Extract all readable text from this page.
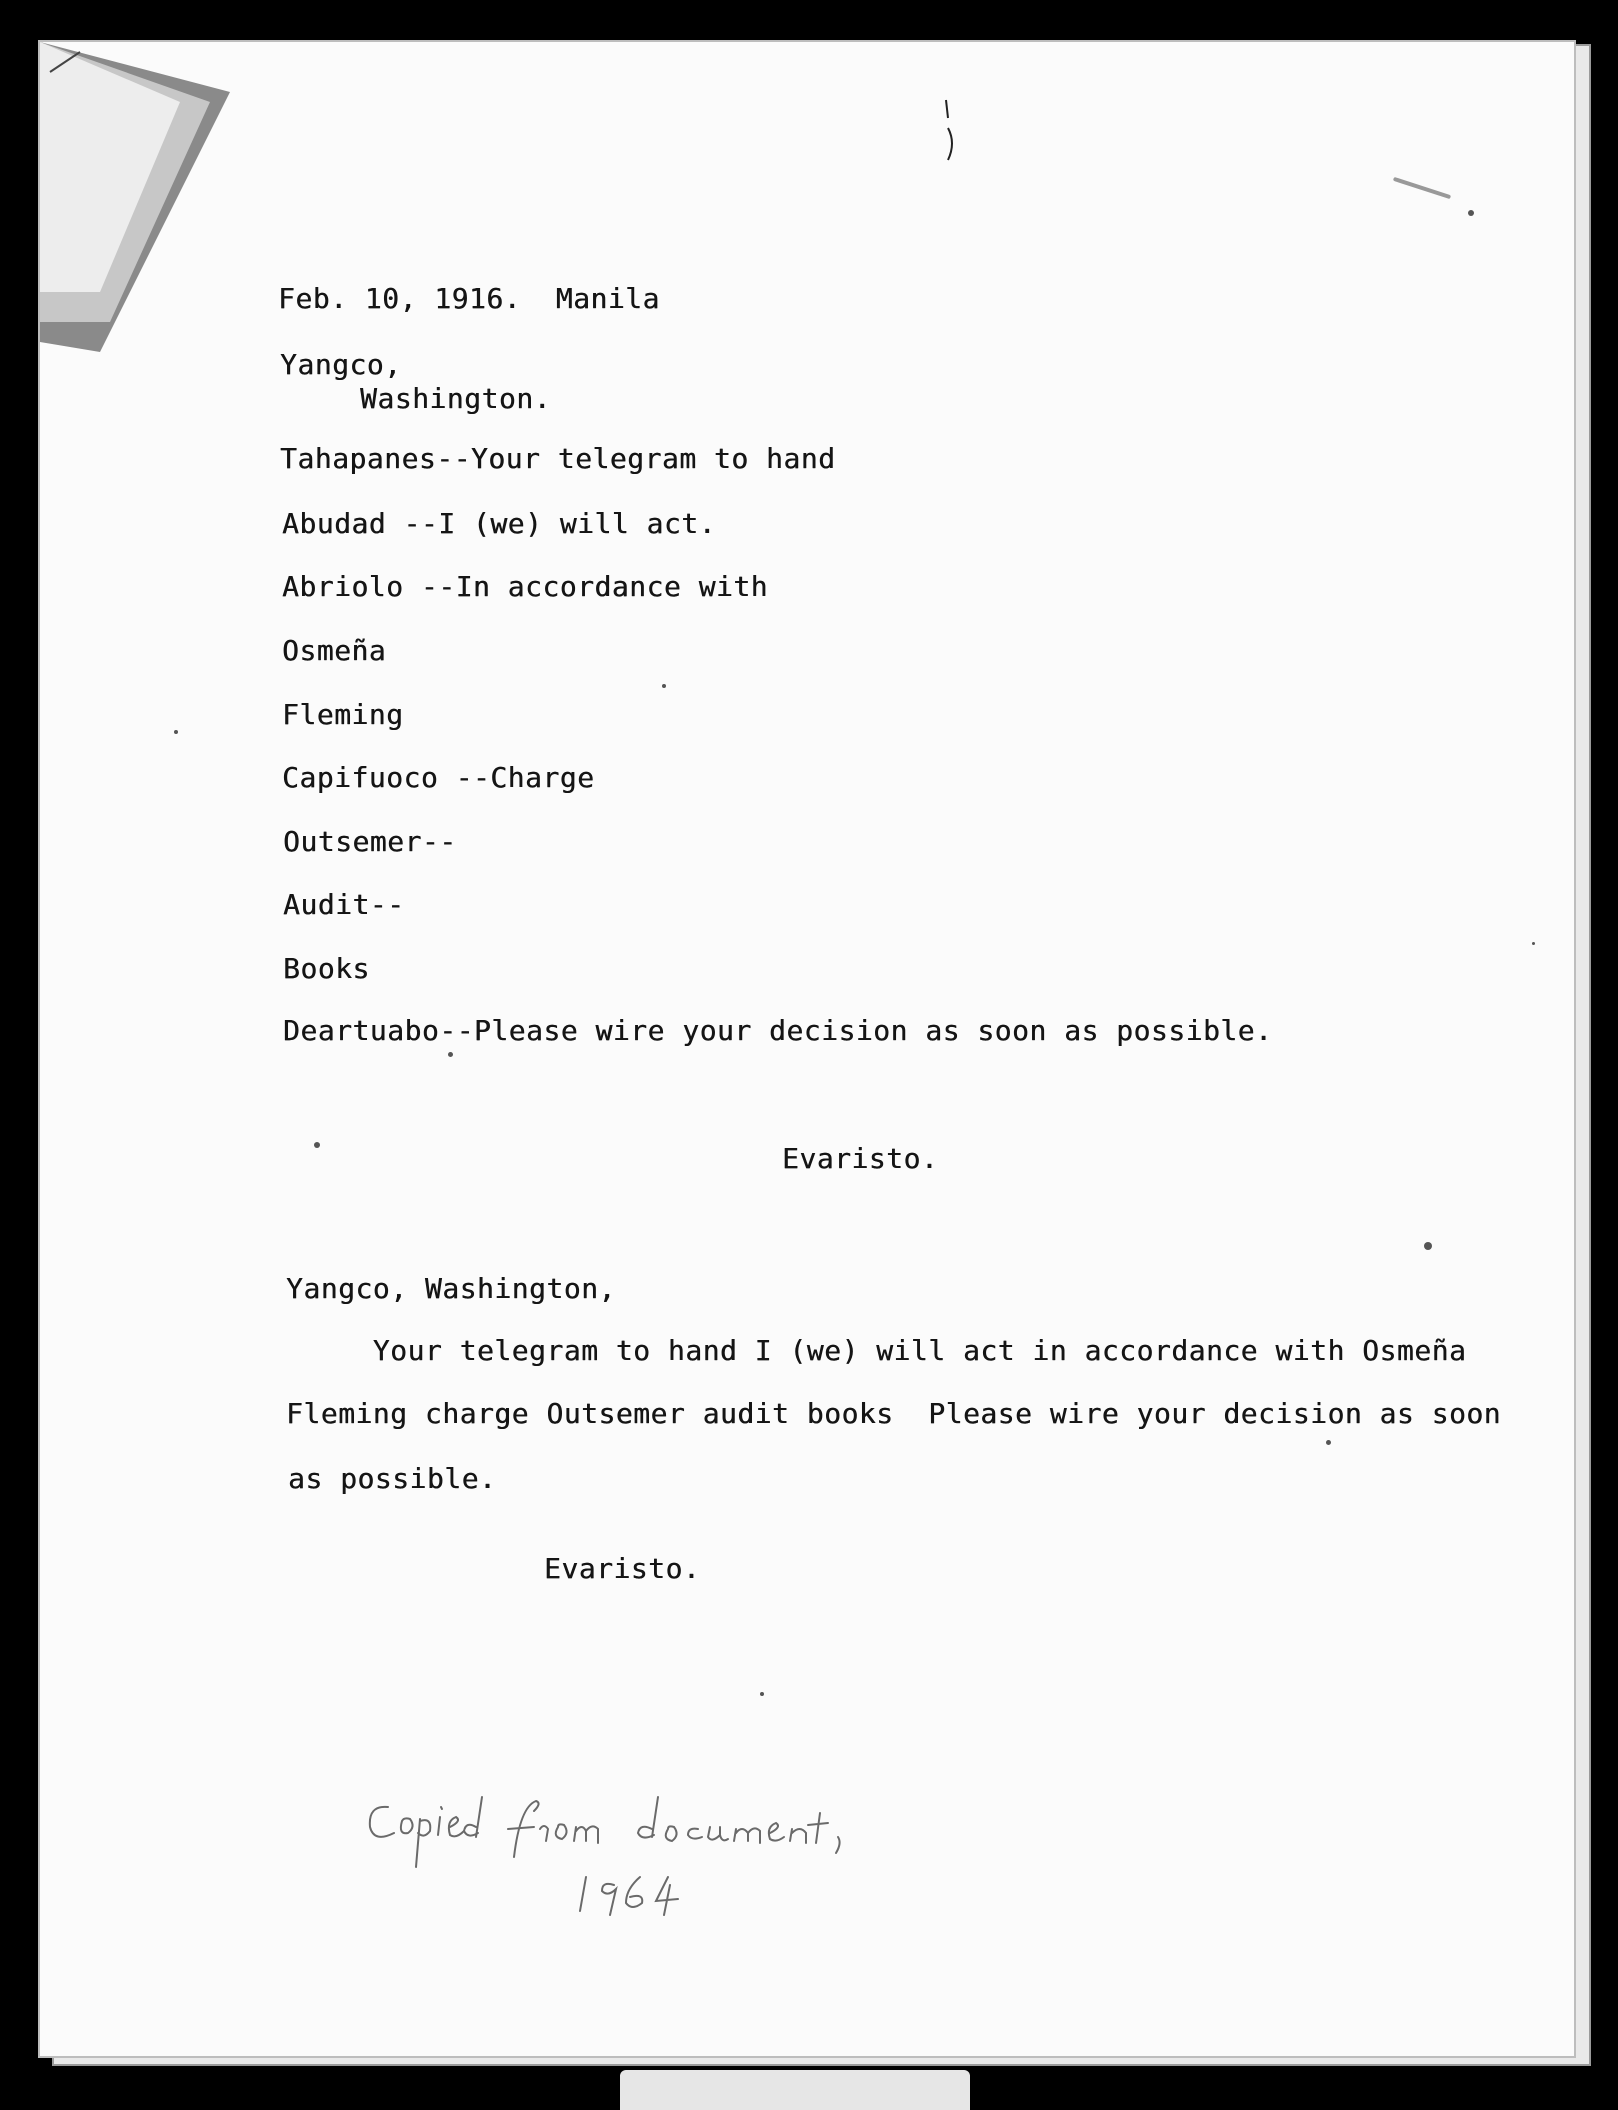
Feb. 10, 1916.  Manila

Yangco,

Washington.

Tahapanes--Your telegram to hand

Abudad --I (we) will act.

Abriolo --In accordance with

Osmeña

Fleming

Capifuoco --Charge

Outsemer--

Audit--

Books

Deartuabo--Please wire your decision as soon as possible.

Evaristo.

Yangco, Washington,

Your telegram to hand I (we) will act in accordance with Osmeña

Fleming charge Outsemer audit books  Please wire your decision as soon

as possible.

Evaristo.
